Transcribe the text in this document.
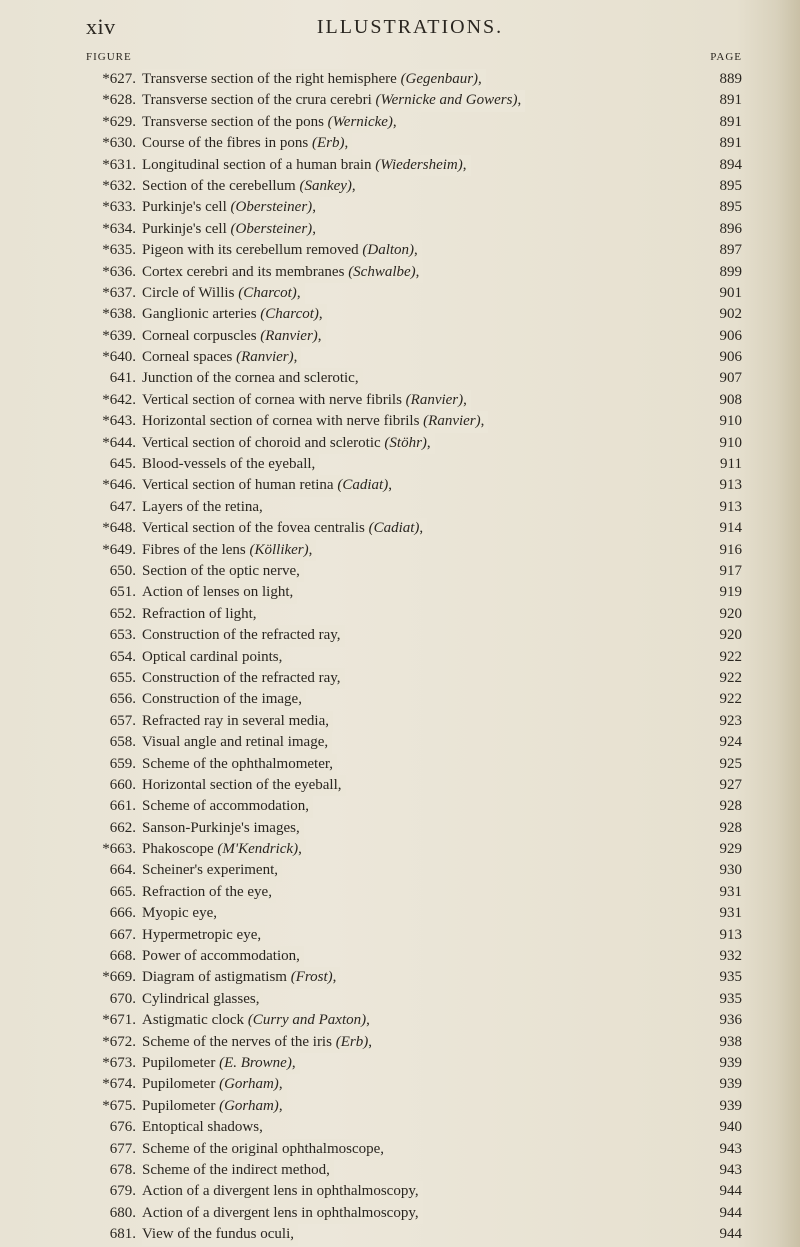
xiv	ILLUSTRATIONS.
FIGURE	PAGE
*627. Transverse section of the right hemisphere (Gegenbaur),	889
*628. Transverse section of the crura cerebri (Wernicke and Gowers),	891
*629. Transverse section of the pons (Wernicke),	891
*630. Course of the fibres in pons (Erb),	891
*631. Longitudinal section of a human brain (Wiedersheim),	894
*632. Section of the cerebellum (Sankey),	895
*633. Purkinje's cell (Obersteiner),	895
*634. Purkinje's cell (Obersteiner),	896
*635. Pigeon with its cerebellum removed (Dalton),	897
*636. Cortex cerebri and its membranes (Schwalbe),	899
*637. Circle of Willis (Charcot),	901
*638. Ganglionic arteries (Charcot),	902
*639. Corneal corpuscles (Ranvier),	906
*640. Corneal spaces (Ranvier),	906
641. Junction of the cornea and sclerotic,	907
*642. Vertical section of cornea with nerve fibrils (Ranvier),	908
*643. Horizontal section of cornea with nerve fibrils (Ranvier),	910
*644. Vertical section of choroid and sclerotic (Stöhr),	910
645. Blood-vessels of the eyeball,	911
*646. Vertical section of human retina (Cadiat),	913
647. Layers of the retina,	913
*648. Vertical section of the fovea centralis (Cadiat),	914
*649. Fibres of the lens (Kölliker),	916
650. Section of the optic nerve,	917
651. Action of lenses on light,	919
652. Refraction of light,	920
653. Construction of the refracted ray,	920
654. Optical cardinal points,	922
655. Construction of the refracted ray,	922
656. Construction of the image,	922
657. Refracted ray in several media,	923
658. Visual angle and retinal image,	924
659. Scheme of the ophthalmometer,	925
660. Horizontal section of the eyeball,	927
661. Scheme of accommodation,	928
662. Sanson-Purkinje's images,	928
*663. Phakoscope (M'Kendrick),	929
664. Scheiner's experiment,	930
665. Refraction of the eye,	931
666. Myopic eye,	931
667. Hypermetropic eye,	913
668. Power of accommodation,	932
*669. Diagram of astigmatism (Frost),	935
670. Cylindrical glasses,	935
*671. Astigmatic clock (Curry and Paxton),	936
*672. Scheme of the nerves of the iris (Erb),	938
*673. Pupilometer (E. Browne),	939
*674. Pupilometer (Gorham),	939
*675. Pupilometer (Gorham),	939
676. Entoptical shadows,	940
677. Scheme of the original ophthalmoscope,	943
678. Scheme of the indirect method,	943
679. Action of a divergent lens in ophthalmoscopy,	944
680. Action of a divergent lens in ophthalmoscopy,	944
681. View of the fundus oculi,	944
